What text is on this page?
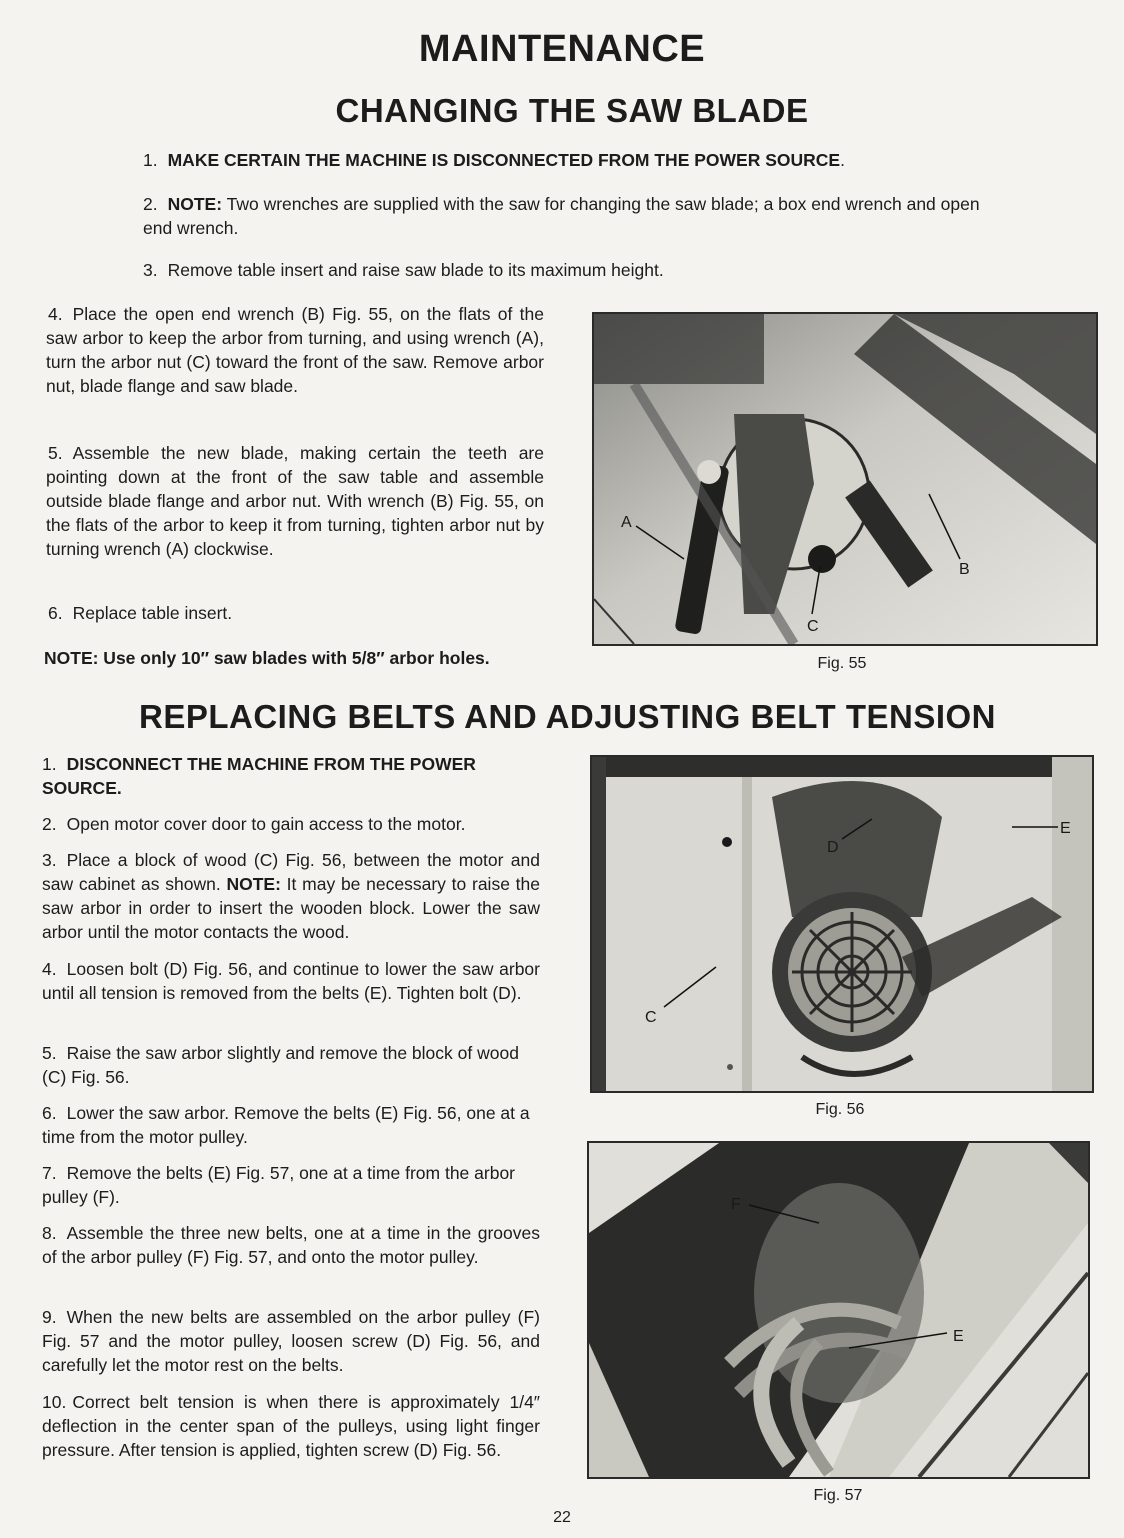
MAINTENANCE
CHANGING THE SAW BLADE
1. MAKE CERTAIN THE MACHINE IS DISCONNECTED FROM THE POWER SOURCE.
2. NOTE: Two wrenches are supplied with the saw for changing the saw blade; a box end wrench and open end wrench.
3. Remove table insert and raise saw blade to its maximum height.
4. Place the open end wrench (B) Fig. 55, on the flats of the saw arbor to keep the arbor from turning, and using wrench (A), turn the arbor nut (C) toward the front of the saw. Remove arbor nut, blade flange and saw blade.
5. Assemble the new blade, making certain the teeth are pointing down at the front of the saw table and assemble outside blade flange and arbor nut. With wrench (B) Fig. 55, on the flats of the arbor to keep it from turning, tighten arbor nut by turning wrench (A) clockwise.
6. Replace table insert.
NOTE: Use only 10″ saw blades with 5/8″ arbor holes.
A
B
C
Fig. 55
REPLACING BELTS AND ADJUSTING BELT TENSION
1. DISCONNECT THE MACHINE FROM THE POWER SOURCE.
2. Open motor cover door to gain access to the motor.
3. Place a block of wood (C) Fig. 56, between the motor and saw cabinet as shown. NOTE: It may be necessary to raise the saw arbor in order to insert the wooden block. Lower the saw arbor until the motor contacts the wood.
4. Loosen bolt (D) Fig. 56, and continue to lower the saw arbor until all tension is removed from the belts (E). Tighten bolt (D).
5. Raise the saw arbor slightly and remove the block of wood (C) Fig. 56.
6. Lower the saw arbor. Remove the belts (E) Fig. 56, one at a time from the motor pulley.
7. Remove the belts (E) Fig. 57, one at a time from the arbor pulley (F).
8. Assemble the three new belts, one at a time in the grooves of the arbor pulley (F) Fig. 57, and onto the motor pulley.
9. When the new belts are assembled on the arbor pulley (F) Fig. 57 and the motor pulley, loosen screw (D) Fig. 56, and carefully let the motor rest on the belts.
10. Correct belt tension is when there is approximately 1/4″ deflection in the center span of the pulleys, using light finger pressure. After tension is applied, tighten screw (D) Fig. 56.
D
E
C
Fig. 56
F
E
Fig. 57
22
